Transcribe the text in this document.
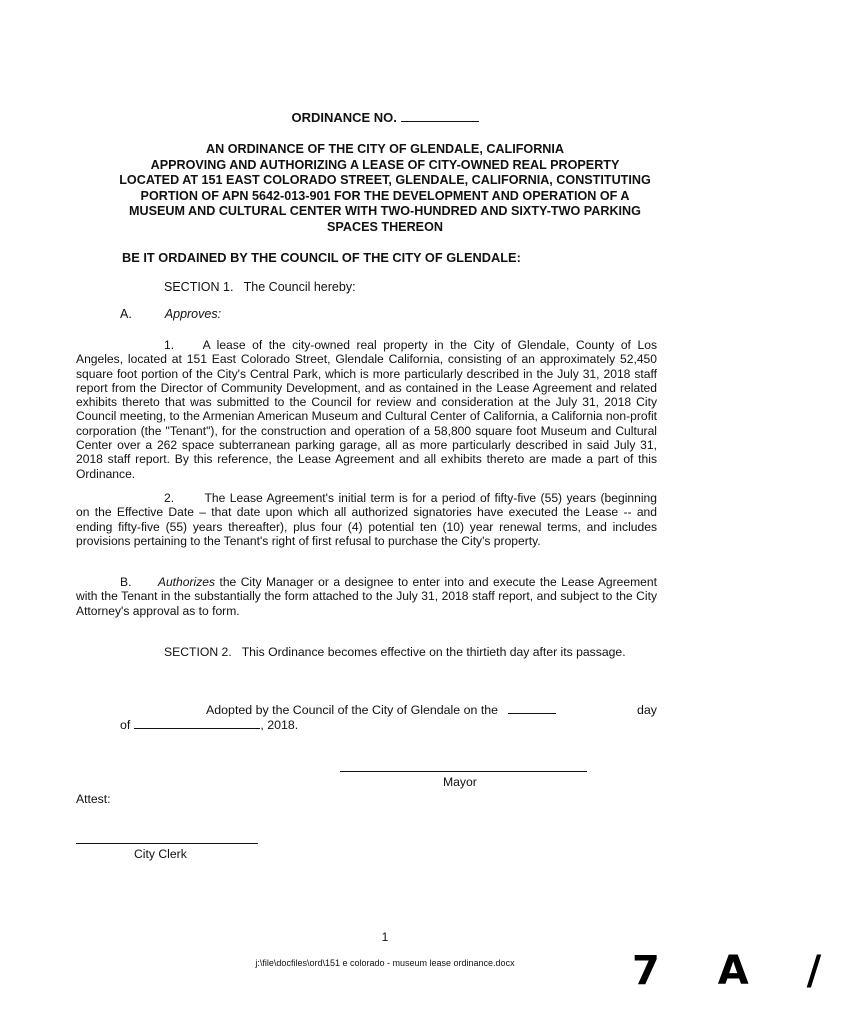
ORDINANCE NO.
AN ORDINANCE OF THE CITY OF GLENDALE, CALIFORNIA
APPROVING AND AUTHORIZING A LEASE OF CITY-OWNED REAL PROPERTY
LOCATED AT 151 EAST COLORADO STREET, GLENDALE, CALIFORNIA, CONSTITUTING
PORTION OF APN 5642-013-901 FOR THE DEVELOPMENT AND OPERATION OF A
MUSEUM AND CULTURAL CENTER WITH TWO-HUNDRED AND SIXTY-TWO PARKING
SPACES THEREON
BE IT ORDAINED BY THE COUNCIL OF THE CITY OF GLENDALE:
SECTION 1. The Council hereby:
A.	Approves:
1. A lease of the city-owned real property in the City of Glendale, County of Los Angeles, located at 151 East Colorado Street, Glendale California, consisting of an approximately 52,450 square foot portion of the City's Central Park, which is more particularly described in the July 31, 2018 staff report from the Director of Community Development, and as contained in the Lease Agreement and related exhibits thereto that was submitted to the Council for review and consideration at the July 31, 2018 City Council meeting, to the Armenian American Museum and Cultural Center of California, a California non-profit corporation (the "Tenant"), for the construction and operation of a 58,800 square foot Museum and Cultural Center over a 262 space subterranean parking garage, all as more particularly described in said July 31, 2018 staff report. By this reference, the Lease Agreement and all exhibits thereto are made a part of this Ordinance.
2.	The Lease Agreement's initial term is for a period of fifty-five (55) years (beginning on the Effective Date – that date upon which all authorized signatories have executed the Lease -- and ending fifty-five (55) years thereafter), plus four (4) potential ten (10) year renewal terms, and includes provisions pertaining to the Tenant's right of first refusal to purchase the City's property.
B. Authorizes the City Manager or a designee to enter into and execute the Lease Agreement with the Tenant in the substantially the form attached to the July 31, 2018 staff report, and subject to the City Attorney's approval as to form.
SECTION 2. This Ordinance becomes effective on the thirtieth day after its passage.
Adopted by the Council of the City of Glendale on the	day
of	, 2018.
Mayor
Attest:
City Clerk
1
j:\file\docfiles\ord\151 e colorado - museum lease ordinance.docx	7 A /
